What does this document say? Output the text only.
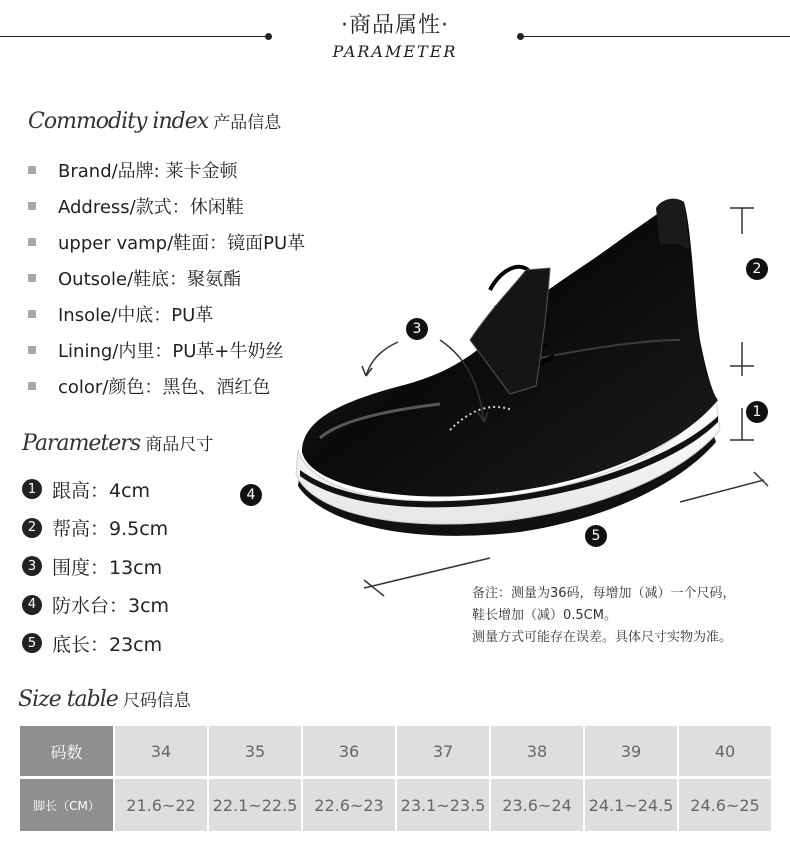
·商品属性·
PARAMETER
Commodity index 产品信息
Brand/品牌: 莱卡金顿
Address/款式：休闲鞋
upper vamp/鞋面：镜面PU革
Outsole/鞋底：聚氨酯
Insole/中底：PU革
Lining/内里：PU革+牛奶丝
color/颜色：黑色、酒红色
Parameters 商品尺寸
1 跟高：4cm
2 帮高：9.5cm
3 围度：13cm
4 防水台：3cm
5 底长：23cm
1
2
3
4
5
备注：测量为36码，每增加（减）一个尺码，
鞋长增加（减）0.5CM。
测量方式可能存在误差。具体尺寸实物为准。
Size table 尺码信息
码数	34	35	36	37	38	39	40

脚长（CM）	21.6~22	22.1~22.5	22.6~23	23.1~23.5	23.6~24	24.1~24.5	24.6~25
